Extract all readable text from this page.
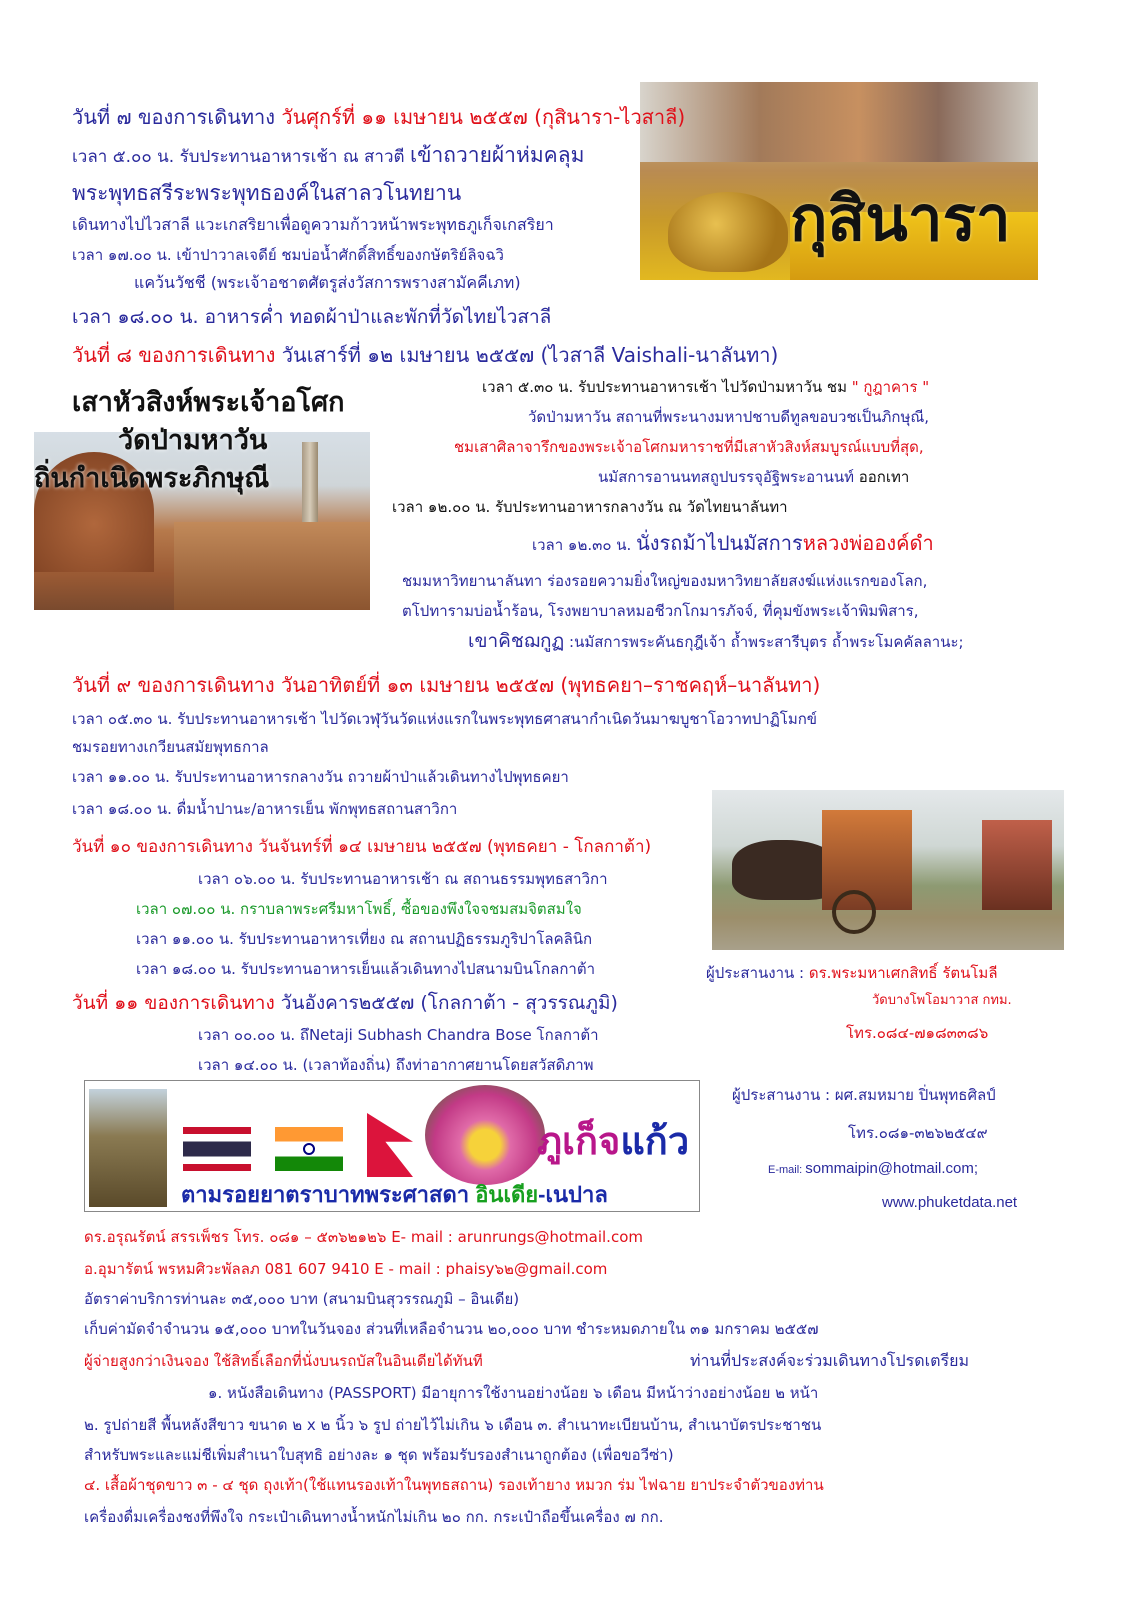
กุสินารา
วันที่ ๗ ของการเดินทาง วันศุกร์ที่ ๑๑ เมษายน ๒๕๕๗ (กุสินารา-ไวสาลี)
เวลา ๕.๐๐ น. รับประทานอาหารเช้า ณ สาวตี เข้าถวายผ้าห่มคลุม
พระพุทธสรีระพระพุทธองค์ในสาลวโนทยาน
เดินทางไปไวสาลี แวะเกสริยาเพื่อดูความก้าวหน้าพระพุทธภูเก็จเกสริยา
เวลา ๑๗.๐๐ น. เข้าปาวาลเจดีย์ ชมบ่อน้ำศักดิ์สิทธิ์ของกษัตริย์ลิจฉวิ
แคว้นวัชชี (พระเจ้าอชาตศัตรูส่งวัสการพรางสามัคคีเภท)
เวลา ๑๘.๐๐ น. อาหารค่ำ ทอดผ้าป่าและพักที่วัดไทยไวสาลี
วันที่ ๘ ของการเดินทาง วันเสาร์ที่ ๑๒ เมษายน ๒๕๕๗ (ไวสาลี Vaishali-นาลันทา)
เสาหัวสิงห์พระเจ้าอโศก
วัดป่ามหาวัน
ถิ่นกำเนิดพระภิกษุณี
เวลา ๕.๓๐ น. รับประทานอาหารเช้า ไปวัดป่ามหาวัน ชม " กูฎาคาร "
วัดป่ามหาวัน สถานที่พระนางมหาปชาบดีทูลขอบวชเป็นภิกษุณี,
ชมเสาศิลาจารึกของพระเจ้าอโศกมหาราชที่มีเสาหัวสิงห์สมบูรณ์แบบที่สุด,
นมัสการอานนทสถูปบรรจุอัฐิพระอานนท์ ออกเทา
เวลา ๑๒.๐๐ น. รับประทานอาหารกลางวัน ณ วัดไทยนาลันทา
เวลา ๑๒.๓๐ น. นั่งรถม้าไปนมัสการหลวงพ่อองค์ดำ
ชมมหาวิทยานาลันทา ร่องรอยความยิ่งใหญ่ของมหาวิทยาลัยสงฆ์แห่งแรกของโลก,
ตโปทารามบ่อน้ำร้อน, โรงพยาบาลหมอชีวกโกมารภัจจ์, ที่คุมขังพระเจ้าพิมพิสาร,
เขาคิชฌกูฏ :นมัสการพระคันธกุฎีเจ้า ถ้ำพระสารีบุตร ถ้ำพระโมคคัลลานะ;
วันที่ ๙ ของการเดินทาง วันอาทิตย์ที่ ๑๓ เมษายน ๒๕๕๗ (พุทธคยา–ราชคฤห์–นาลันทา)
เวลา ๐๕.๓๐ น. รับประทานอาหารเช้า ไปวัดเวฬุวันวัดแห่งแรกในพระพุทธศาสนากำเนิดวันมาฆบูชาโอวาทปาฏิโมกข์
ชมรอยทางเกวียนสมัยพุทธกาล
เวลา ๑๑.๐๐ น. รับประทานอาหารกลางวัน ถวายผ้าป่าแล้วเดินทางไปพุทธคยา
เวลา ๑๘.๐๐ น. ดื่มน้ำปานะ/อาหารเย็น พักพุทธสถานสาวิกา
วันที่ ๑๐ ของการเดินทาง วันจันทร์ที่ ๑๔ เมษายน ๒๕๕๗ (พุทธคยา - โกลกาต้า)
เวลา ๐๖.๐๐ น. รับประทานอาหารเช้า ณ สถานธรรมพุทธสาวิกา
เวลา ๐๗.๐๐ น. กราบลาพระศรีมหาโพธิ์, ซื้อของพึงใจจชมสมจิตสมใจ
เวลา ๑๑.๐๐ น. รับประทานอาหารเที่ยง ณ สถานปฏิธรรมภูริปาโลคลินิก
เวลา ๑๘.๐๐ น. รับประทานอาหารเย็นแล้วเดินทางไปสนามบินโกลกาต้า	ผู้ประสานงาน : ดร.พระมหาเศกสิทธิ์ รัตนโมลี
วัดบางโพโอมาวาส กทม.
โทร.๐๘๔-๗๑๘๓๓๘๖
วันที่ ๑๑ ของการเดินทาง วันอังคาร๒๕๕๗ (โกลกาต้า - สุวรรณภูมิ)
เวลา ๐๐.๐๐ น. ถึNetaji Subhash Chandra Bose โกลกาต้า
เวลา ๑๔.๐๐ น. (เวลาท้องถิ่น) ถึงท่าอากาศยานโดยสวัสดิภาพ
ภูเก็จแก้ว
ตามรอยยาตราบาทพระศาสดา อินเดีย-เนปาล
ผู้ประสานงาน : ผศ.สมหมาย ปิ่นพุทธศิลป์
โทร.๐๘๑-๓๒๖๒๕๔๙
E-mail: sommaipin@hotmail.com;
www.phuketdata.net
ดร.อรุณรัตน์ สรรเพ็ชร โทร. ๐๘๑ – ๕๓๖๒๑๒๖ E- mail : arunrungs@hotmail.com
อ.อุมารัตน์ พรหมศิวะพัลลภ 081 607 9410 E - mail : phaisy๖๒@gmail.com
อัตราค่าบริการท่านละ ๓๕,๐๐๐ บาท (สนามบินสุวรรณภูมิ – อินเดีย)
เก็บค่ามัดจำจำนวน ๑๕,๐๐๐ บาทในวันจอง ส่วนที่เหลือจำนวน ๒๐,๐๐๐ บาท ชำระหมดภายใน ๓๑ มกราคม ๒๕๕๗
ผู้จ่ายสูงกว่าเงินจอง ใช้สิทธิ์เลือกที่นั่งบนรถบัสในอินเดียได้ทันที	ท่านที่ประสงค์จะร่วมเดินทางโปรดเตรียม
๑. หนังสือเดินทาง (PASSPORT) มีอายุการใช้งานอย่างน้อย ๖ เดือน มีหน้าว่างอย่างน้อย ๒ หน้า
๒. รูปถ่ายสี พื้นหลังสีขาว ขนาด ๒ x ๒ นิ้ว ๖ รูป ถ่ายไว้ไม่เกิน ๖ เดือน ๓. สำเนาทะเบียนบ้าน, สำเนาบัตรประชาชน
สำหรับพระและแม่ชีเพิ่มสำเนาใบสุทธิ อย่างละ ๑ ชุด พร้อมรับรองสำเนาถูกต้อง (เพื่อขอวีซ่า)
๔. เสื้อผ้าชุดขาว ๓ - ๔ ชุด ถุงเท้า(ใช้แทนรองเท้าในพุทธสถาน) รองเท้ายาง หมวก ร่ม ไฟฉาย ยาประจำตัวของท่าน
เครื่องดื่มเครื่องชงที่พึงใจ กระเป๋าเดินทางน้ำหนักไม่เกิน ๒๐ กก. กระเป๋าถือขึ้นเครื่อง ๗ กก.
